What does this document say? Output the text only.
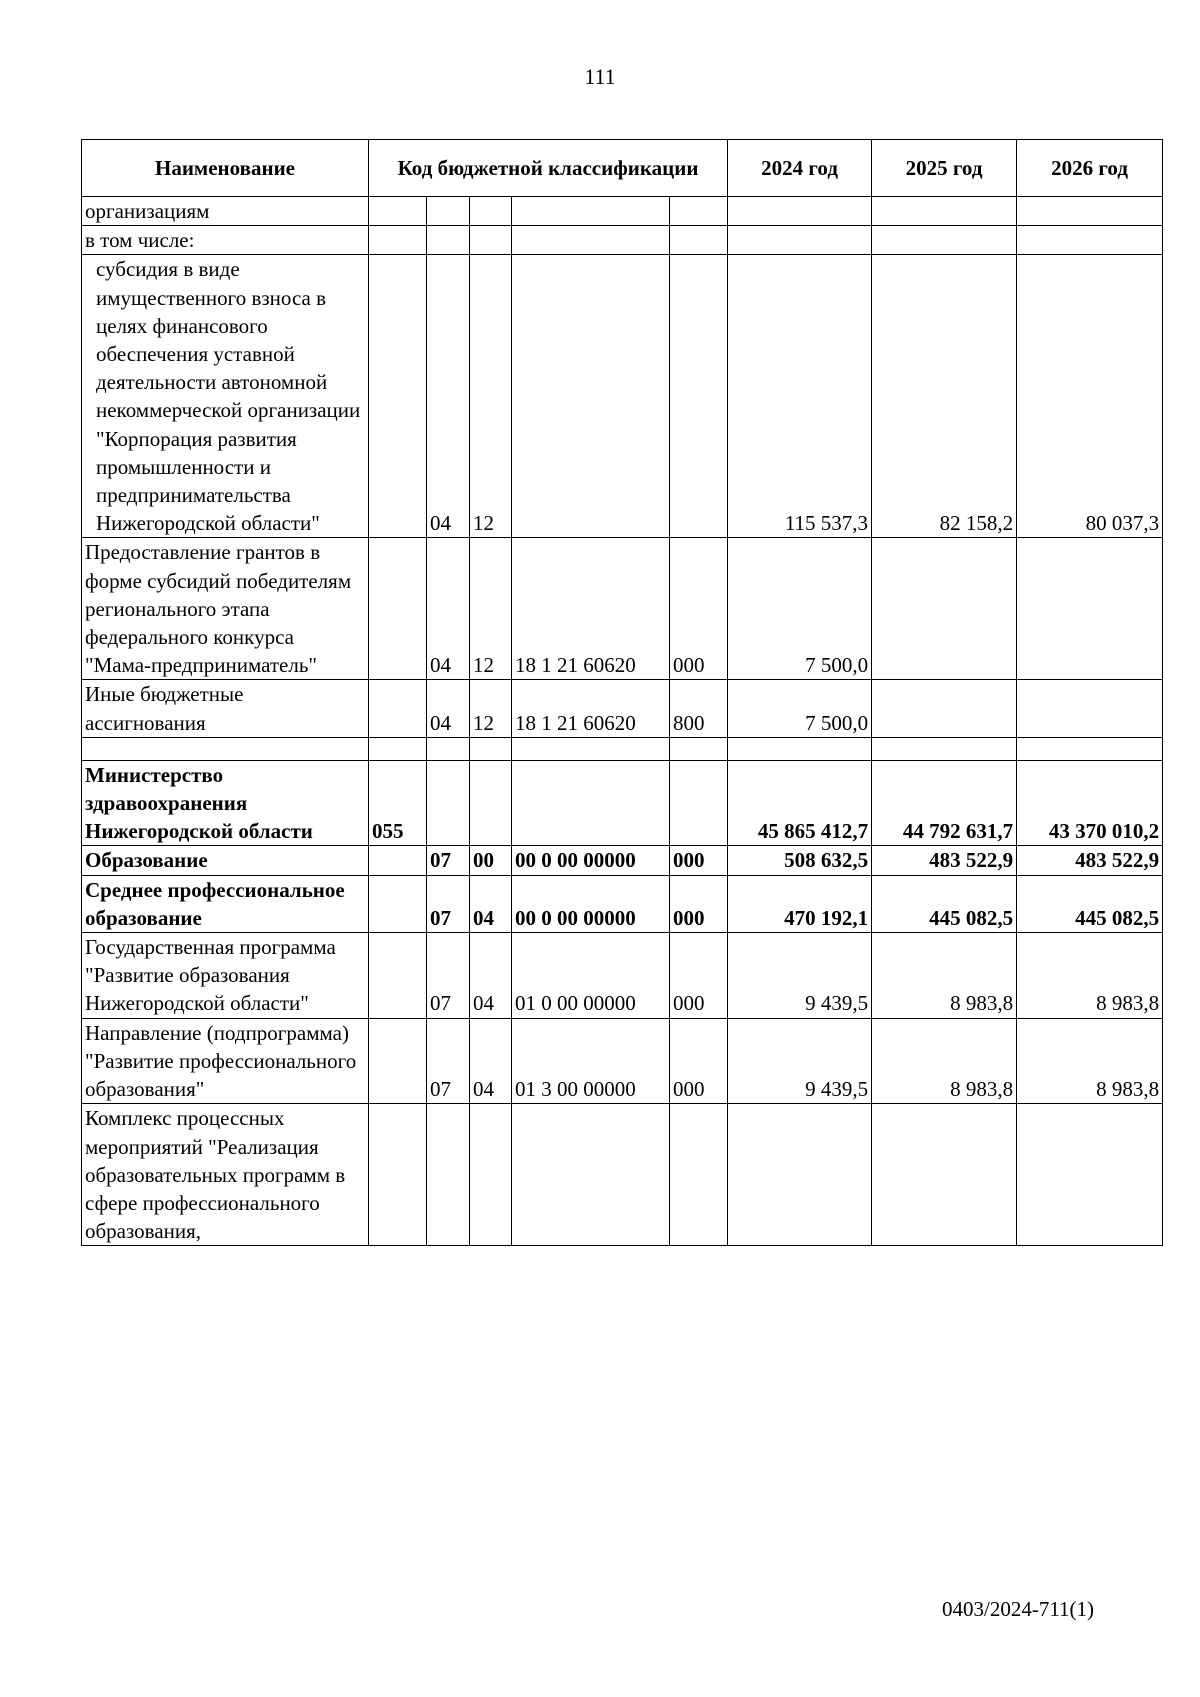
111
Наименование	Код бюджетной классификации					2024 год	2025 год	2026 год
организациям								
в том числе:								
субсидия в виде имущественного взноса в целях финансового обеспечения уставной деятельности автономной некоммерческой организации "Корпорация развития промышленности и предпринимательства Нижегородской области"		04	12			115 537,3	82 158,2	80 037,3
Предоставление грантов в форме субсидий победителям регионального этапа федерального конкурса "Мама-предприниматель"		04	12	18 1 21 60620	000	7 500,0		
Иные бюджетные ассигнования		04	12	18 1 21 60620	800	7 500,0		

Министерство здравоохранения Нижегородской области	055					45 865 412,7	44 792 631,7	43 370 010,2
Образование		07	00	00 0 00 00000	000	508 632,5	483 522,9	483 522,9
Среднее профессиональное образование		07	04	00 0 00 00000	000	470 192,1	445 082,5	445 082,5
Государственная программа "Развитие образования Нижегородской области"		07	04	01 0 00 00000	000	9 439,5	8 983,8	8 983,8
Направление (подпрограмма) "Развитие профессионального образования"		07	04	01 3 00 00000	000	9 439,5	8 983,8	8 983,8
Комплекс процессных мероприятий "Реализация образовательных программ в сфере профессионального образования,								
0403/2024-711(1)
